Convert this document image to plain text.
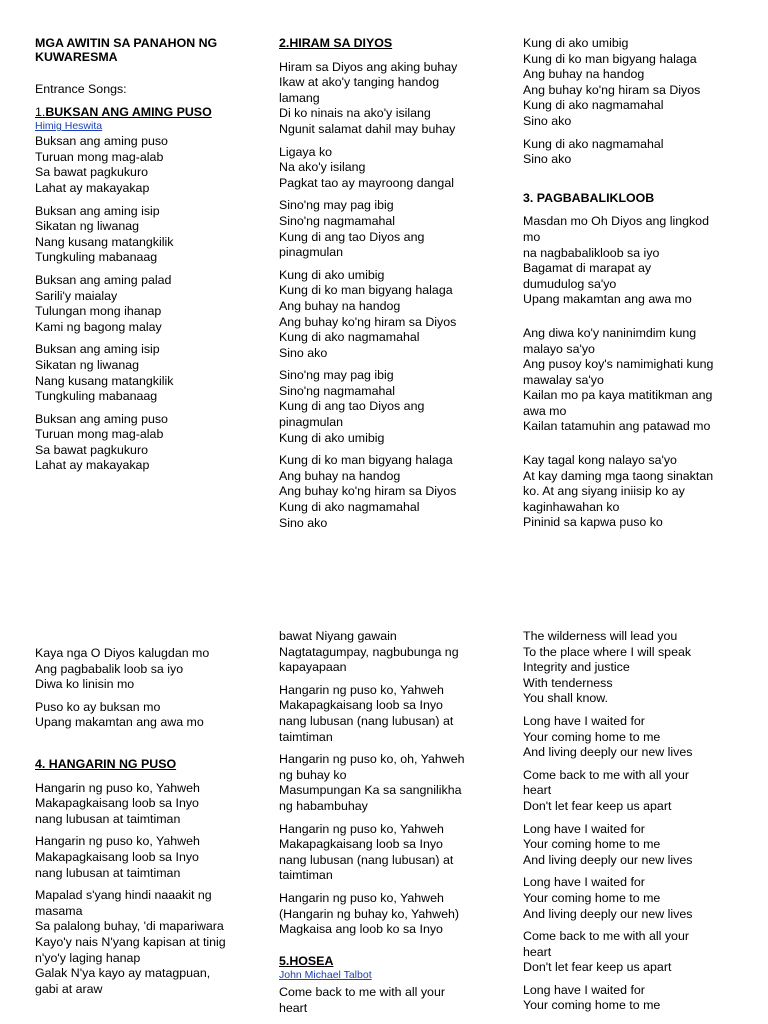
MGA AWITIN SA PANAHON NG
KUWARESMA

Entrance Songs:

1.BUKSAN ANG AMING PUSO
Himig Heswita

Buksan ang aming puso
Turuan mong mag-alab
Sa bawat pagkukuro
Lahat ay makayakap

Buksan ang aming isip
Sikatan ng liwanag
Nang kusang matangkilik
Tungkuling mabanaag

Buksan ang aming palad
Sarili'y maialay
Tulungan mong ihanap
Kami ng bagong malay

Buksan ang aming isip
Sikatan ng liwanag
Nang kusang matangkilik
Tungkuling mabanaag

Buksan ang aming puso
Turuan mong mag-alab
Sa bawat pagkukuro
Lahat ay makayakap

2.HIRAM SA DIYOS

Hiram sa Diyos ang aking buhay
Ikaw at ako'y tanging handog
lamang
Di ko ninais na ako'y isilang
Ngunit salamat dahil may buhay

Ligaya ko
Na ako'y isilang
Pagkat tao ay mayroong dangal

Sino'ng may pag ibig
Sino'ng nagmamahal
Kung di ang tao Diyos ang
pinagmulan

Kung di ako umibig
Kung di ko man bigyang halaga
Ang buhay na handog
Ang buhay ko'ng hiram sa Diyos
Kung di ako nagmamahal
Sino ako

Sino'ng may pag ibig
Sino'ng nagmamahal
Kung di ang tao Diyos ang
pinagmulan
Kung di ako umibig

Kung di ko man bigyang halaga
Ang buhay na handog
Ang buhay ko'ng hiram sa Diyos
Kung di ako nagmamahal
Sino ako

Kung di ako umibig
Kung di ko man bigyang halaga
Ang buhay na handog
Ang buhay ko'ng hiram sa Diyos
Kung di ako nagmamahal
Sino ako

Kung di ako nagmamahal
Sino ako

3. PAGBABALIKLOOB

Masdan mo Oh Diyos ang lingkod
mo
na nagbabalikloob sa iyo
Bagamat di marapat ay
dumudulog sa'yo
Upang makamtan ang awa mo

Ang diwa ko'y naninimdim kung
malayo sa'yo
Ang pusoy koy's namimighati kung
mawalay sa'yo
Kailan mo pa kaya matitikman ang
awa mo
Kailan tatamuhin ang patawad mo

Kay tagal kong nalayo sa'yo
At kay daming mga taong sinaktan
ko. At ang siyang iniisip ko ay
kaginhawahan ko
Pininid sa kapwa puso ko

Kaya nga O Diyos kalugdan mo
Ang pagbabalik loob sa iyo
Diwa ko linisin mo

Puso ko ay buksan mo
Upang makamtan ang awa mo

4. HANGARIN NG PUSO

Hangarin ng puso ko, Yahweh
Makapagkaisang loob sa Inyo
nang lubusan at taimtiman

Hangarin ng puso ko, Yahweh
Makapagkaisang loob sa Inyo
nang lubusan at taimtiman

Mapalad s'yang hindi naaakit ng
masama
Sa palalong buhay, 'di mapariwara
Kayo'y nais N'yang kapisan at tinig
n'yo'y laging hanap
Galak N'ya kayo ay matagpuan,
gabi at araw

bawat Niyang gawain
Nagtatagumpay, nagbubunga ng
kapayapaan

Hangarin ng puso ko, Yahweh
Makapagkaisang loob sa Inyo
nang lubusan (nang lubusan) at
taimtiman

Hangarin ng puso ko, oh, Yahweh
ng buhay ko
Masumpungan Ka sa sangnilikha
ng habambuhay

Hangarin ng puso ko, Yahweh
Makapagkaisang loob sa Inyo
nang lubusan (nang lubusan) at
taimtiman

Hangarin ng puso ko, Yahweh
(Hangarin ng buhay ko, Yahweh)
Magkaisa ang loob ko sa Inyo

5.HOSEA
John Michael Talbot

Come back to me with all your
heart

The wilderness will lead you
To the place where I will speak
Integrity and justice
With tenderness
You shall know.

Long have I waited for
Your coming home to me
And living deeply our new lives

Come back to me with all your
heart
Don't let fear keep us apart

Long have I waited for
Your coming home to me
And living deeply our new lives

Long have I waited for
Your coming home to me
And living deeply our new lives

Come back to me with all your
heart
Don't let fear keep us apart

Long have I waited for
Your coming home to me
